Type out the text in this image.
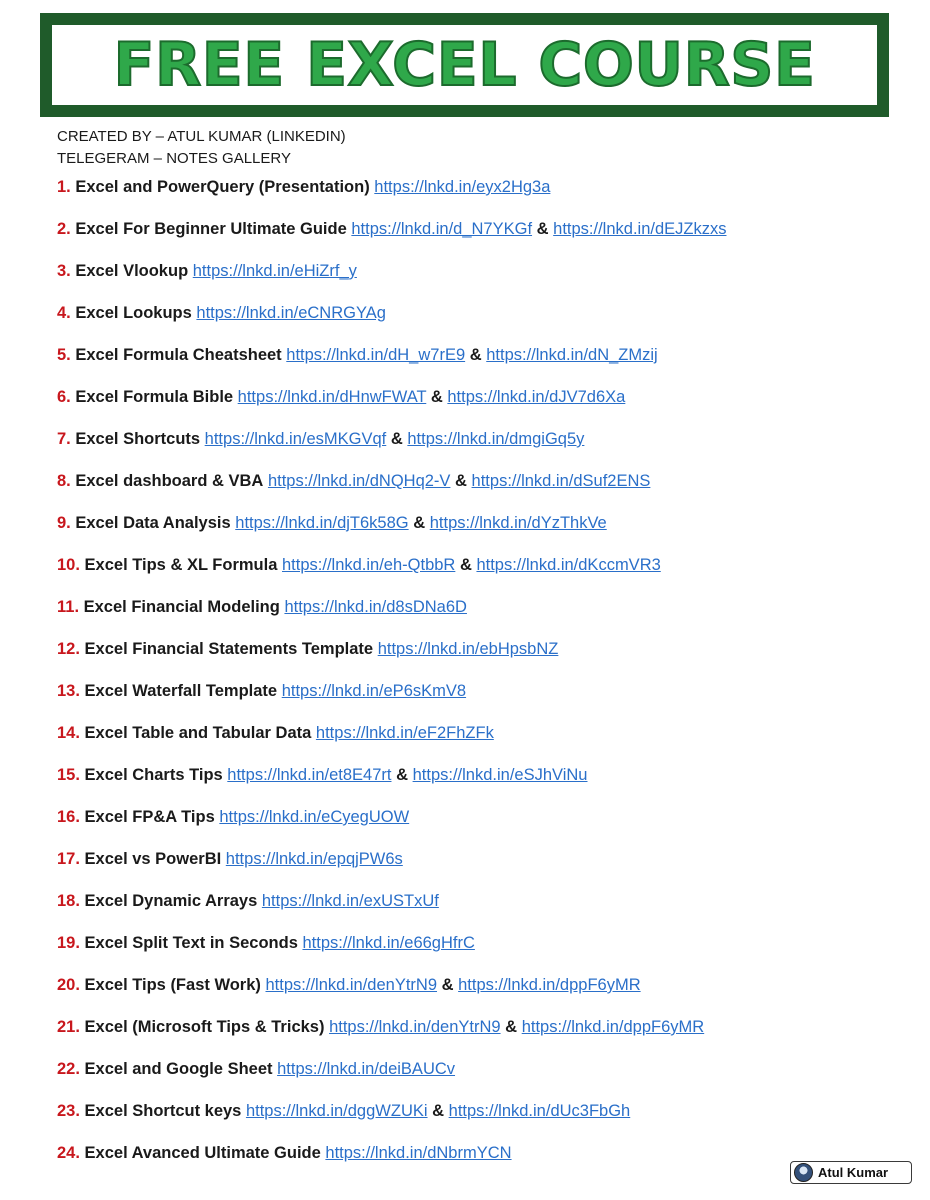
FREE EXCEL COURSE
CREATED BY – ATUL KUMAR (LINKEDIN)
TELEGERAM – NOTES GALLERY
1. Excel and PowerQuery (Presentation) https://lnkd.in/eyx2Hg3a
2. Excel For Beginner Ultimate Guide https://lnkd.in/d_N7YKGf & https://lnkd.in/dEJZkzxs
3. Excel Vlookup https://lnkd.in/eHiZrf_y
4. Excel Lookups https://lnkd.in/eCNRGYAg
5. Excel Formula Cheatsheet https://lnkd.in/dH_w7rE9 & https://lnkd.in/dN_ZMzij
6. Excel Formula Bible https://lnkd.in/dHnwFWAT & https://lnkd.in/dJV7d6Xa
7. Excel Shortcuts https://lnkd.in/esMKGVqf & https://lnkd.in/dmgiGq5y
8. Excel dashboard & VBA https://lnkd.in/dNQHq2-V & https://lnkd.in/dSuf2ENS
9. Excel Data Analysis https://lnkd.in/djT6k58G & https://lnkd.in/dYzThkVe
10. Excel Tips & XL Formula https://lnkd.in/eh-QtbbR & https://lnkd.in/dKccmVR3
11. Excel Financial Modeling https://lnkd.in/d8sDNa6D
12. Excel Financial Statements Template https://lnkd.in/ebHpsbNZ
13. Excel Waterfall Template https://lnkd.in/eP6sKmV8
14. Excel Table and Tabular Data https://lnkd.in/eF2FhZFk
15. Excel Charts Tips https://lnkd.in/et8E47rt & https://lnkd.in/eSJhViNu
16. Excel FP&A Tips https://lnkd.in/eCyegUOW
17. Excel vs PowerBI https://lnkd.in/epqjPW6s
18. Excel Dynamic Arrays https://lnkd.in/exUSTxUf
19. Excel Split Text in Seconds https://lnkd.in/e66gHfrC
20. Excel Tips (Fast Work) https://lnkd.in/denYtrN9 & https://lnkd.in/dppF6yMR
21. Excel (Microsoft Tips & Tricks) https://lnkd.in/denYtrN9 & https://lnkd.in/dppF6yMR
22. Excel and Google Sheet https://lnkd.in/deiBAUCv
23. Excel Shortcut keys https://lnkd.in/dggWZUKi & https://lnkd.in/dUc3FbGh
24. Excel Avanced Ultimate Guide https://lnkd.in/dNbrmYCN
Atul Kumar
